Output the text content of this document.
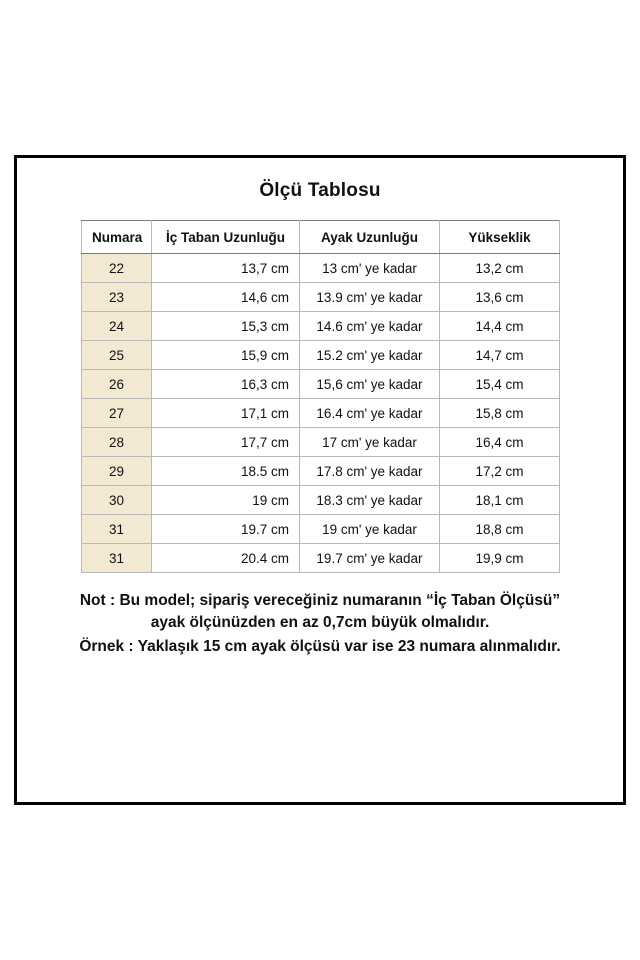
Ölçü Tablosu
Numara	İç Taban Uzunluğu	Ayak Uzunluğu	Yükseklik
22	13,7 cm	13 cm' ye kadar	13,2 cm
23	14,6 cm	13.9 cm' ye kadar	13,6 cm
24	15,3 cm	14.6 cm' ye kadar	14,4 cm
25	15,9 cm	15.2 cm' ye kadar	14,7 cm
26	16,3 cm	15,6 cm' ye kadar	15,4 cm
27	17,1 cm	16.4 cm' ye kadar	15,8 cm
28	17,7 cm	17 cm' ye kadar	16,4 cm
29	18.5 cm	17.8 cm' ye kadar	17,2 cm
30	19 cm	18.3 cm' ye kadar	18,1 cm
31	19.7 cm	19 cm' ye kadar	18,8 cm
31	20.4 cm	19.7 cm' ye kadar	19,9 cm

Not : Bu model; sipariş vereceğiniz numaranın “İç Taban Ölçüsü”

ayak ölçünüzden en az 0,7cm büyük olmalıdır.

Örnek : Yaklaşık 15 cm ayak ölçüsü var ise 23 numara alınmalıdır.
